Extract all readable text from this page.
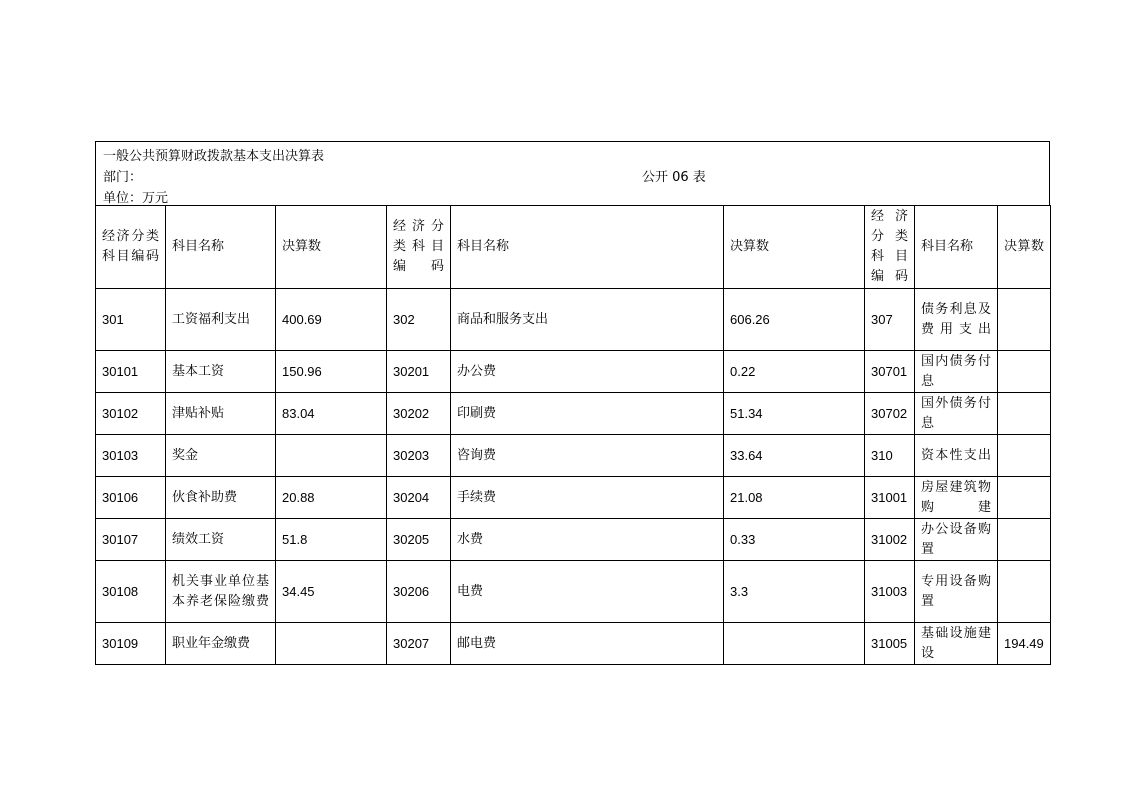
一般公共预算财政拨款基本支出决算表
部门：	公开 06 表
单位：万元
经济分类科目编码	科目名称	决算数	经济分类科目编码	科目名称	决算数	经济分类科目编码	科目名称	决算数
301	工资福利支出	400.69	302	商品和服务支出	606.26	307	债务利息及费用支出	
30101	基本工资	150.96	30201	办公费	0.22	30701	国内债务付息	
30102	津贴补贴	83.04	30202	印刷费	51.34	30702	国外债务付息	
30103	奖金		30203	咨询费	33.64	310	资本性支出	
30106	伙食补助费	20.88	30204	手续费	21.08	31001	房屋建筑物购建	
30107	绩效工资	51.8	30205	水费	0.33	31002	办公设备购置	
30108	机关事业单位基本养老保险缴费	34.45	30206	电费	3.3	31003	专用设备购置	
30109	职业年金缴费		30207	邮电费		31005	基础设施建设	194.49
